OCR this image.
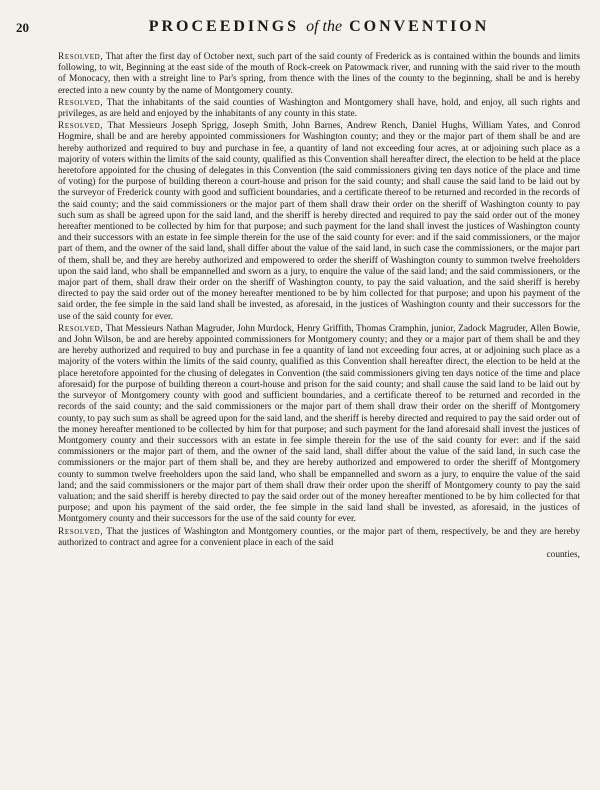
20	PROCEEDINGS of the CONVENTION

Resolved, That after the first day of October next, such part of the said county of Frederick as is contained within the bounds and limits following, to wit, Beginning at the east side of the mouth of Rock-creek on Patowmack river, and running with the said river to the mouth of Monocacy, then with a streight line to Par's spring, from thence with the lines of the county to the beginning, shall be and is hereby erected into a new county by the name of Montgomery county.

Resolved, That the inhabitants of the said counties of Washington and Montgomery shall have, hold, and enjoy, all such rights and privileges, as are held and enjoyed by the inhabitants of any county in this state.

Resolved, That Messieurs Joseph Sprigg, Joseph Smith, John Barnes, Andrew Rench, Daniel Hughs, William Yates, and Conrod Hogmire, shall be and are hereby appointed commissioners for Washington county; and they or the major part of them shall be and are hereby authorized and required to buy and purchase in fee, a quantity of land not exceeding four acres, at or adjoining such place as a majority of voters within the limits of the said county, qualified as this Convention shall hereafter direct, the election to be held at the place heretofore appointed for the chusing of delegates in this Convention (the said commissioners giving ten days notice of the place and time of voting) for the purpose of building thereon a court-house and prison for the said county; and shall cause the said land to be laid out by the surveyor of Frederick county with good and sufficient boundaries, and a certificate thereof to be returned and recorded in the records of the said county; and the said commissioners or the major part of them shall draw their order on the sheriff of Washington county to pay such sum as shall be agreed upon for the said land, and the sheriff is hereby directed and required to pay the said order out of the money hereafter mentioned to be collected by him for that purpose; and such payment for the land shall invest the justices of Washington county and their successors with an estate in fee simple therein for the use of the said county for ever: and if the said commissioners, or the major part of them, and the owner of the said land, shall differ about the value of the said land, in such case the commissioners, or the major part of them, shall be, and they are hereby authorized and empowered to order the sheriff of Washington county to summon twelve freeholders upon the said land, who shall be empannelled and sworn as a jury, to enquire the value of the said land; and the said commissioners, or the major part of them, shall draw their order on the sheriff of Washington county, to pay the said valuation, and the said sheriff is hereby directed to pay the said order out of the money hereafter mentioned to be by him collected for that purpose; and upon his payment of the said order, the fee simple in the said land shall be invested, as aforesaid, in the justices of Washington county and their successors for the use of the said county for ever.

Resolved, That Messieurs Nathan Magruder, John Murdock, Henry Griffith, Thomas Cramphin, junior, Zadock Magruder, Allen Bowie, and John Wilson, be and are hereby appointed commissioners for Montgomery county; and they or a major part of them shall be and they are hereby authorized and required to buy and purchase in fee a quantity of land not exceeding four acres, at or adjoining such place as a majority of the voters within the limits of the said county, qualified as this Convention shall hereafter direct, the election to be held at the place heretofore appointed for the chusing of delegates in Convention (the said commissioners giving ten days notice of the time and place aforesaid) for the purpose of building thereon a court-house and prison for the said county; and shall cause the said land to be laid out by the surveyor of Montgomery county with good and sufficient boundaries, and a certificate thereof to be returned and recorded in the records of the said county; and the said commissioners or the major part of them shall draw their order on the sheriff of Montgomery county, to pay such sum as shall be agreed upon for the said land, and the sheriff is hereby directed and required to pay the said order out of the money hereafter mentioned to be collected by him for that purpose; and such payment for the land aforesaid shall invest the justices of Montgomery county and their successors with an estate in fee simple therein for the use of the said county for ever: and if the said commissioners or the major part of them, and the owner of the said land, shall differ about the value of the said land, in such case the commissioners or the major part of them shall be, and they are hereby authorized and empowered to order the sheriff of Montgomery county to summon twelve freeholders upon the said land, who shall be empannelled and sworn as a jury, to enquire the value of the said land; and the said commissioners or the major part of them shall draw their order upon the sheriff of Montgomery county to pay the said valuation; and the said sheriff is hereby directed to pay the said order out of the money hereafter mentioned to be by him collected for that purpose; and upon his payment of the said order, the fee simple in the said land shall be invested, as aforesaid, in the justices of Montgomery county and their successors for the use of the said county for ever.

Resolved, That the justices of Washington and Montgomery counties, or the major part of them, respectively, be and they are hereby authorized to contract and agree for a convenient place in each of the said

counties,
